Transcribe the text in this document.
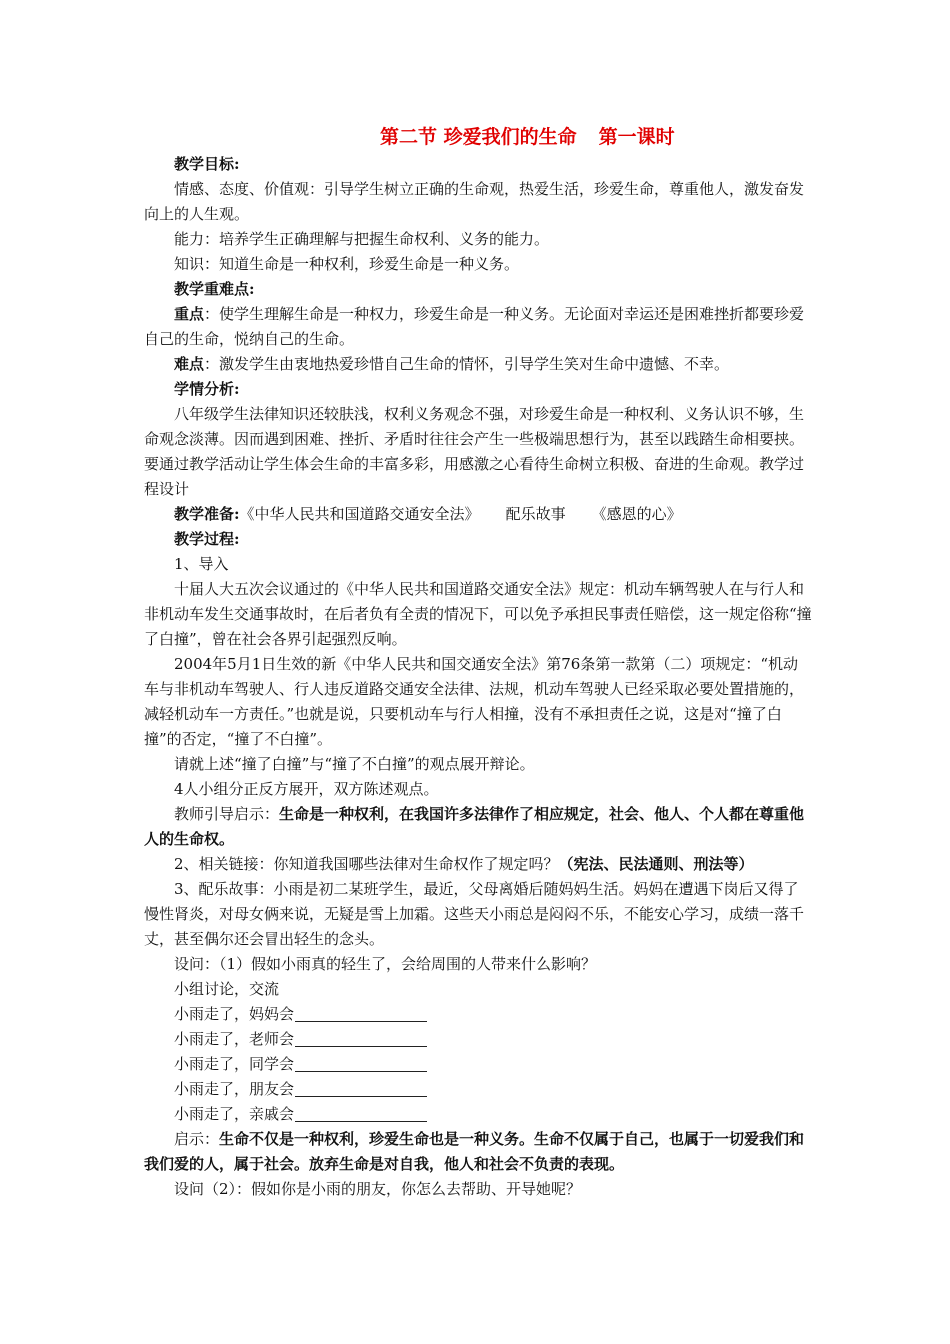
第二节 珍爱我们的生命 第一课时

教学目标:

情感、态度、价值观：引导学生树立正确的生命观，热爱生活，珍爱生命，尊重他人，激发奋发向上的人生观。

能力：培养学生正确理解与把握生命权利、义务的能力。

知识：知道生命是一种权利，珍爱生命是一种义务。

教学重难点:

重点：使学生理解生命是一种权力，珍爱生命是一种义务。无论面对幸运还是困难挫折都要珍爱自己的生命，悦纳自己的生命。

难点：激发学生由衷地热爱珍惜自己生命的情怀，引导学生笑对生命中遗憾、不幸。

学情分析:

八年级学生法律知识还较肤浅，权利义务观念不强，对珍爱生命是一种权利、义务认识不够，生命观念淡薄。因而遇到困难、挫折、矛盾时往往会产生一些极端思想行为，甚至以践踏生命相要挟。要通过教学活动让学生体会生命的丰富多彩，用感激之心看待生命树立积极、奋进的生命观。教学过程设计

教学准备:《中华人民共和国道路交通安全法》 配乐故事 《感恩的心》

教学过程:

1、导入

十届人大五次会议通过的《中华人民共和国道路交通安全法》规定：机动车辆驾驶人在与行人和非机动车发生交通事故时，在后者负有全责的情况下，可以免予承担民事责任赔偿，这一规定俗称“撞了白撞”，曾在社会各界引起强烈反响。

2004年5月1日生效的新《中华人民共和国交通安全法》第76条第一款第（二）项规定：“机动车与非机动车驾驶人、行人违反道路交通安全法律、法规，机动车驾驶人已经采取必要处置措施的，减轻机动车一方责任。”也就是说，只要机动车与行人相撞，没有不承担责任之说，这是对“撞了白撞”的否定，“撞了不白撞”。

请就上述“撞了白撞”与“撞了不白撞”的观点展开辩论。

4人小组分正反方展开，双方陈述观点。

教师引导启示：生命是一种权利，在我国许多法律作了相应规定，社会、他人、个人都在尊重他人的生命权。

2、相关链接：你知道我国哪些法律对生命权作了规定吗？（宪法、民法通则、刑法等）

3、配乐故事：小雨是初二某班学生，最近，父母离婚后随妈妈生活。妈妈在遭遇下岗后又得了慢性肾炎，对母女俩来说，无疑是雪上加霜。这些天小雨总是闷闷不乐，不能安心学习，成绩一落千丈，甚至偶尔还会冒出轻生的念头。

设问：（1）假如小雨真的轻生了，会给周围的人带来什么影响？

小组讨论，交流

小雨走了，妈妈会

小雨走了，老师会

小雨走了，同学会

小雨走了，朋友会

小雨走了，亲戚会

启示：生命不仅是一种权利，珍爱生命也是一种义务。生命不仅属于自己，也属于一切爱我们和我们爱的人，属于社会。放弃生命是对自我，他人和社会不负责的表现。

设问（2）：假如你是小雨的朋友，你怎么去帮助、开导她呢？
